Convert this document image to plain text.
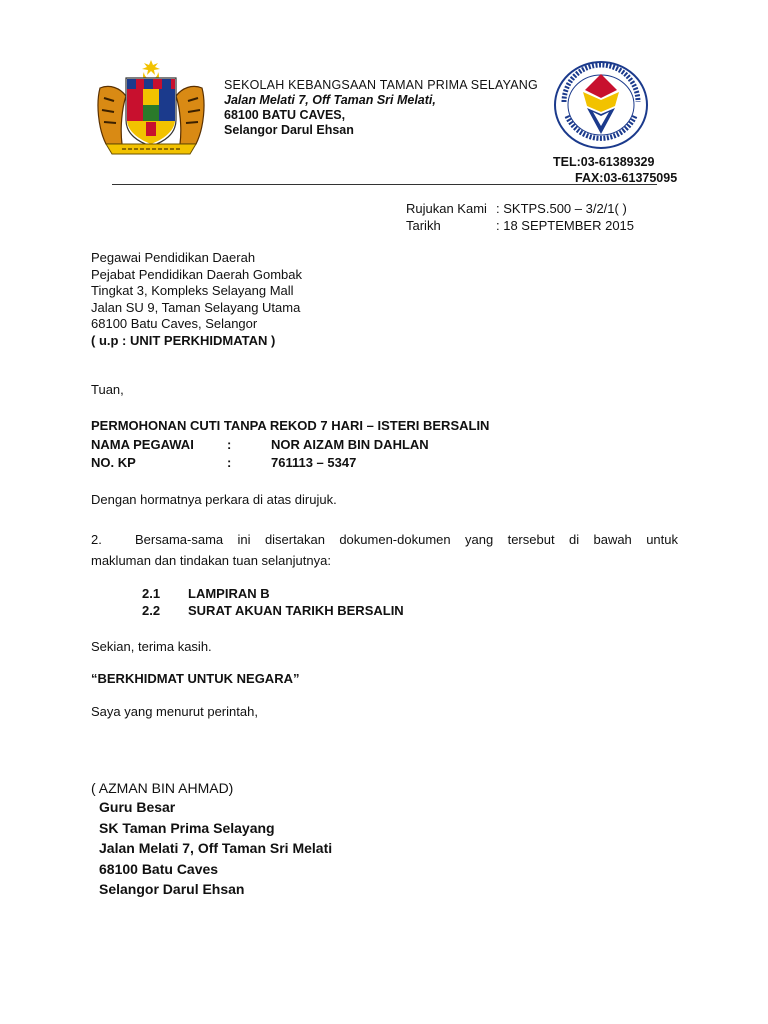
SEKOLAH KEBANGSAAN TAMAN PRIMA SELAYANG
Jalan Melati 7, Off Taman Sri Melati,
68100 BATU CAVES,
Selangor Darul Ehsan
TEL:03-61389329
FAX:03-61375095
Rujukan Kami : SKTPS.500 – 3/2/1( )
Tarikh	: 18 SEPTEMBER 2015
Pegawai Pendidikan Daerah
Pejabat Pendidikan Daerah Gombak
Tingkat 3, Kompleks Selayang Mall
Jalan SU 9, Taman Selayang Utama
68100 Batu Caves, Selangor
( u.p : UNIT PERKHIDMATAN )
Tuan,
PERMOHONAN CUTI TANPA REKOD 7 HARI – ISTERI BERSALIN
NAMA PEGAWAI	:	NOR AIZAM BIN DAHLAN
NO. KP	:	761113 – 5347
Dengan hormatnya perkara di atas dirujuk.
2.	Bersama-sama ini disertakan dokumen-dokumen yang tersebut di bawah untuk
makluman dan tindakan tuan selanjutnya:
2.1 LAMPIRAN B
2.2 SURAT AKUAN TARIKH BERSALIN
Sekian, terima kasih.
“BERKHIDMAT UNTUK NEGARA”
Saya yang menurut perintah,
( AZMAN BIN AHMAD)
Guru Besar
SK Taman Prima Selayang
Jalan Melati 7, Off Taman Sri Melati
68100 Batu Caves
Selangor Darul Ehsan
